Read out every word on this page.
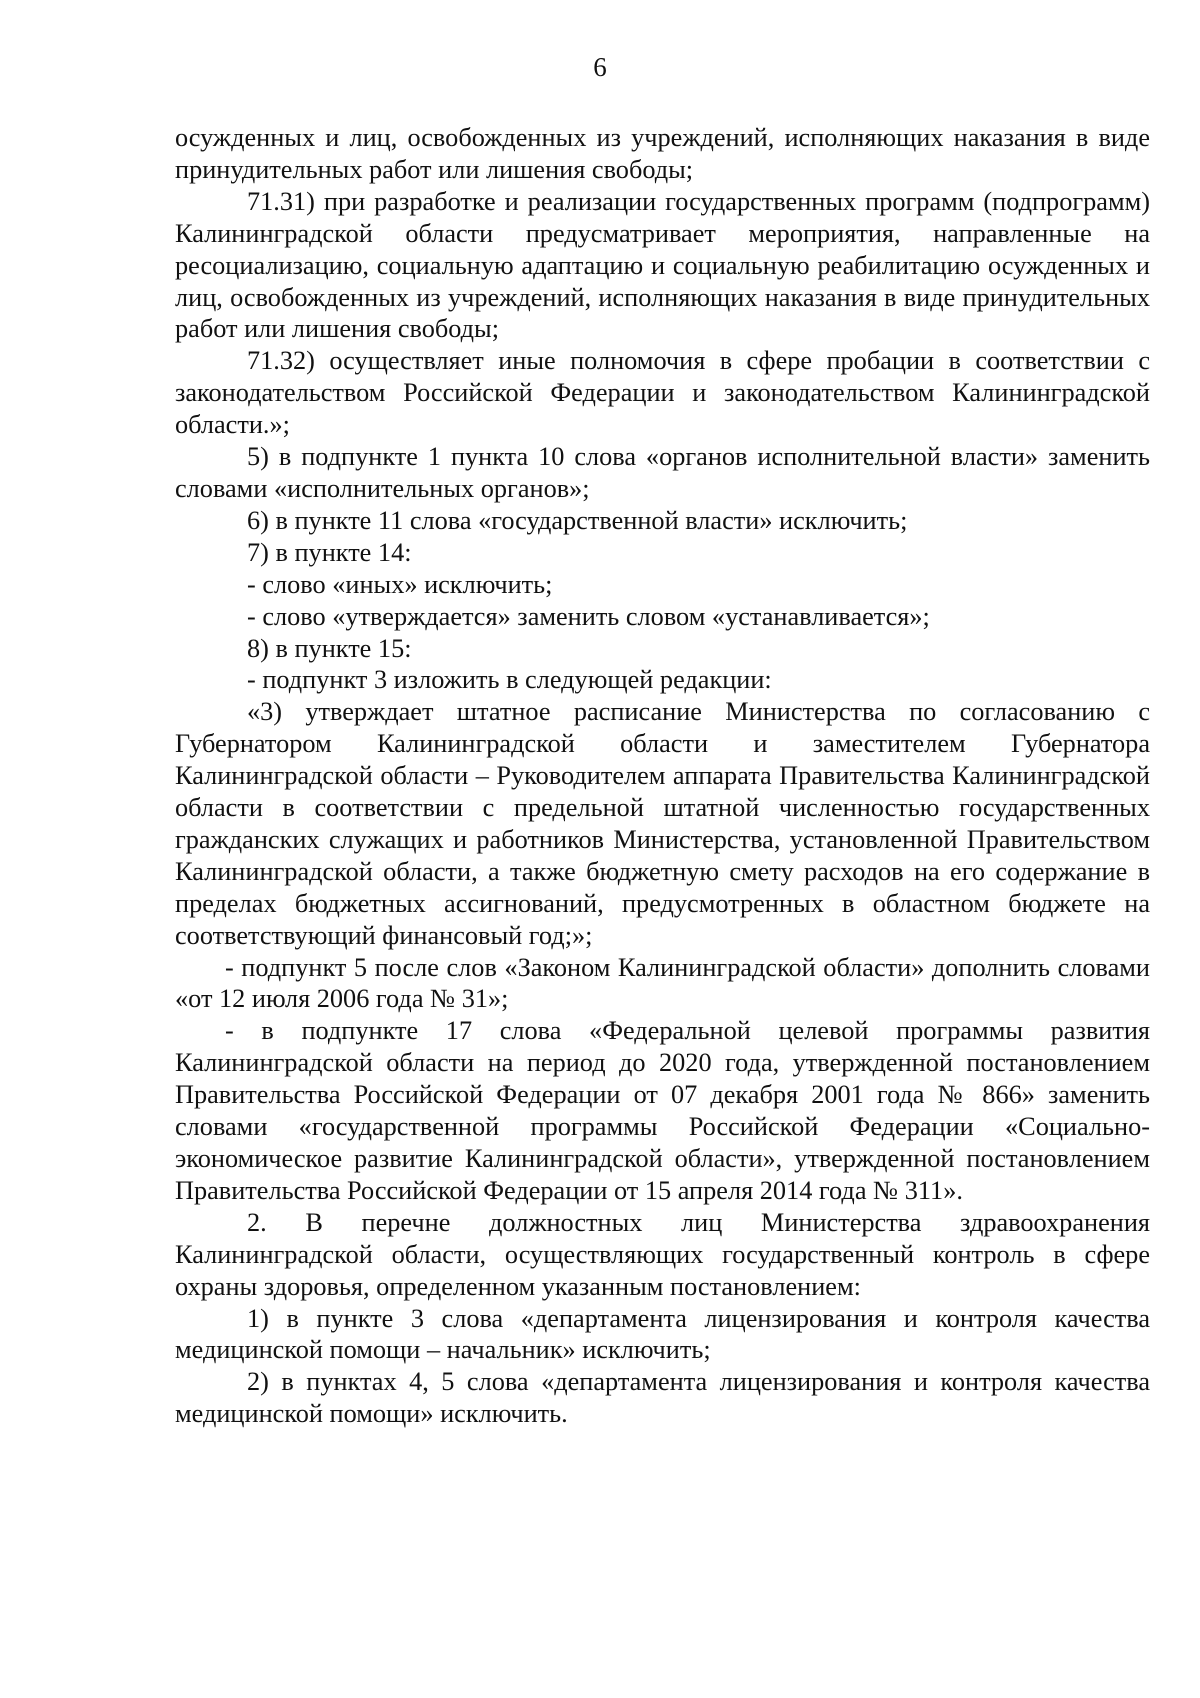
6

осужденных и лиц, освобожденных из учреждений, исполняющих наказания в виде принудительных работ или лишения свободы;

71.31) при разработке и реализации государственных программ (подпрограмм) Калининградской области предусматривает мероприятия, направленные на ресоциализацию, социальную адаптацию и социальную реабилитацию осужденных и лиц, освобожденных из учреждений, исполняющих наказания в виде принудительных работ или лишения свободы;

71.32) осуществляет иные полномочия в сфере пробации в соответствии с законодательством Российской Федерации и законодательством Калининградской области.»;

5) в подпункте 1 пункта 10 слова «органов исполнительной власти» заменить словами «исполнительных органов»;

6) в пункте 11 слова «государственной власти» исключить;

7) в пункте 14:

- слово «иных» исключить;

- слово «утверждается» заменить словом «устанавливается»;

8) в пункте 15:

- подпункт 3 изложить в следующей редакции:

«3) утверждает штатное расписание Министерства по согласованию с Губернатором Калининградской области и заместителем Губернатора Калининградской области – Руководителем аппарата Правительства Калининградской области в соответствии с предельной штатной численностью государственных гражданских служащих и работников Министерства, установленной Правительством Калининградской области, а также бюджетную смету расходов на его содержание в пределах бюджетных ассигнований, предусмотренных в областном бюджете на соответствующий финансовый год;»;

- подпункт 5 после слов «Законом Калининградской области» дополнить словами «от 12 июля 2006 года № 31»;

- в подпункте 17 слова «Федеральной целевой программы развития Калининградской области на период до 2020 года, утвержденной постановлением Правительства Российской Федерации от 07 декабря 2001 года № 866» заменить словами «государственной программы Российской Федерации «Социально-экономическое развитие Калининградской области», утвержденной постановлением Правительства Российской Федерации от 15 апреля 2014 года № 311».

2. В перечне должностных лиц Министерства здравоохранения Калининградской области, осуществляющих государственный контроль в сфере охраны здоровья, определенном указанным постановлением:

1) в пункте 3 слова «департамента лицензирования и контроля качества медицинской помощи – начальник» исключить;

2) в пунктах 4, 5 слова «департамента лицензирования и контроля качества медицинской помощи» исключить.
